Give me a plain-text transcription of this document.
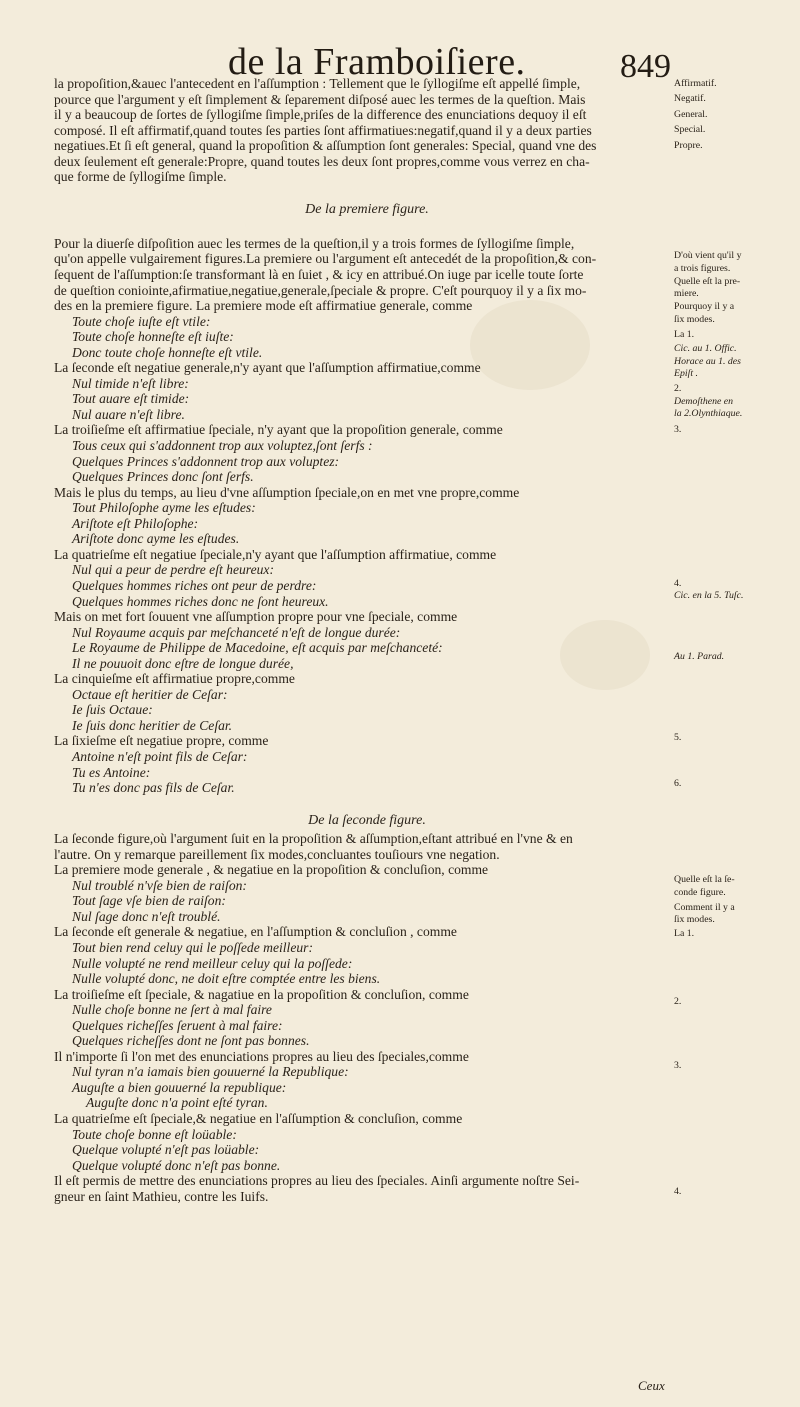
de la Framboiſiere.	849
la propoſition,&auec l'antecedent en l'aſſumption : Tellement que le ſyllogiſme eſt appellé ſimple,
pource que l'argument y eſt ſimplement & ſeparement diſposé auec les termes de la queſtion. Mais
il y a beaucoup de ſortes de ſyllogiſme ſimple,priſes de la difference des enunciations dequoy il eſt
composé. Il eſt affirmatif,quand toutes ſes parties ſont affirmatiues:negatif,quand il y a deux parties
negatiues.Et ſi eſt general, quand la propoſition & aſſumption ſont generales: Special, quand vne des
deux ſeulement eſt generale:Propre, quand toutes les deux ſont propres,comme vous verrez en cha-
que forme de ſyllogiſme ſimple.
De la premiere figure.
Pour la diuerſe diſpoſition auec les termes de la queſtion,il y a trois formes de ſyllogiſme ſimple,
qu'on appelle vulgairement figures.La premiere ou l'argument eſt antecedét de la propoſition,& con-
ſequent de l'aſſumption:ſe transformant là en ſuiet , & icy en attribué.On iuge par icelle toute ſorte
de queſtion coniointe,afirmatiue,negatiue,generale,ſpeciale & propre. C'eſt pourquoy il y a ſix mo-
des en la premiere figure. La premiere mode eſt affirmatiue generale, comme
Toute choſe iuſte eſt vtile:
Toute choſe honneſte eſt iuſte:
Donc toute choſe honneſte eſt vtile.
La ſeconde eſt negatiue generale,n'y ayant que l'aſſumption affirmatiue,comme
Nul timide n'eſt libre:
Tout auare eſt timide:
Nul auare n'eſt libre.
La troiſieſme eſt affirmatiue ſpeciale, n'y ayant que la propoſition generale, comme
Tous ceux qui s'addonnent trop aux voluptez,ſont ſerfs :
Quelques Princes s'addonnent trop aux voluptez:
Quelques Princes donc ſont ſerfs.
Mais le plus du temps, au lieu d'vne aſſumption ſpeciale,on en met vne propre,comme
Tout Philoſophe ayme les eſtudes:
Ariſtote eſt Philoſophe:
Ariſtote donc ayme les eſtudes.
La quatrieſme eſt negatiue ſpeciale,n'y ayant que l'aſſumption affirmatiue, comme
Nul qui a peur de perdre eſt heureux:
Quelques hommes riches ont peur de perdre:
Quelques hommes riches donc ne ſont heureux.
Mais on met fort ſouuent vne aſſumption propre pour vne ſpeciale, comme
Nul Royaume acquis par meſchanceté n'eſt de longue durée:
Le Royaume de Philippe de Macedoine, eſt acquis par meſchanceté:
Il ne pouuoit donc eſtre de longue durée,
La cinquieſme eſt affirmatiue propre,comme
Octaue eſt heritier de Ceſar:
Ie ſuis Octaue:
Ie ſuis donc heritier de Ceſar.
La ſixieſme eſt negatiue propre, comme
Antoine n'eſt point fils de Ceſar:
Tu es Antoine:
Tu n'es donc pas fils de Ceſar.
De la ſeconde figure.
La ſeconde figure,où l'argument ſuit en la propoſition & aſſumption,eſtant attribué en l'vne & en
l'autre. On y remarque pareillement ſix modes,concluantes touſiours vne negation.
La premiere mode generale , & negatiue en la propoſition & concluſion, comme
Nul troublé n'vſe bien de raiſon:
Tout ſage vſe bien de raiſon:
Nul ſage donc n'eſt troublé.
La ſeconde eſt generale & negatiue, en l'aſſumption & concluſion , comme
Tout bien rend celuy qui le poſſede meilleur:
Nulle volupté ne rend meilleur celuy qui la poſſede:
Nulle volupté donc, ne doit eſtre comptée entre les biens.
La troiſieſme eſt ſpeciale, & nagatiue en la propoſition & concluſion, comme
Nulle choſe bonne ne ſert à mal faire
Quelques richeſſes ſeruent à mal faire:
Quelques richeſſes dont ne ſont pas bonnes.
Il n'importe ſi l'on met des enunciations propres au lieu des ſpeciales,comme
Nul tyran n'a iamais bien gouuerné la Republique:
Auguſte a bien gouuerné la republique:
Auguſte donc n'a point eſté tyran.
La quatrieſme eſt ſpeciale,& negatiue en l'aſſumption & concluſion, comme
Toute choſe bonne eſt loüable:
Quelque volupté n'eſt pas loüable:
Quelque volupté donc n'eſt pas bonne.
Il eſt permis de mettre des enunciations propres au lieu des ſpeciales. Ainſi argumente noſtre Sei-
gneur en ſaint Mathieu, contre les Iuifs.
Affirmatif.
Negatif.
General.
Special.
Propre.
D'où vient qu'il y
a trois figures.
Quelle eſt la pre-
miere.
Pourquoy il y a
ſix modes.
La 1.
Cic. au 1. Offic.
Horace au 1. des
Epiſt .
2.
Demoſthene en
la 2.Olynthiaque.
3.
4.
Cic. en la 5. Tuſc.
Au 1. Parad.
5.
6.
Quelle eſt la ſe-
conde figure.
Comment il y a
ſix modes.
La 1.
2.
3.
4.
Ceux
